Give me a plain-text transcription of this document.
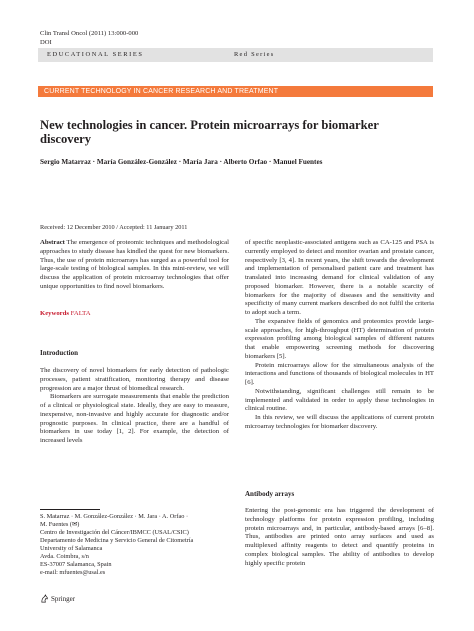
Clin Transl Oncol (2011) 13:000-000
DOI
EDUCATIONAL SERIES	Red Series
CURRENT TECHNOLOGY IN CANCER RESEARCH AND TREATMENT
New technologies in cancer. Protein microarrays for biomarker
discovery
Sergio Matarraz · María González-González · María Jara · Alberto Orfao · Manuel Fuentes
Received: 12 December 2010 / Accepted: 11 January 2011

Abstract The emergence of proteomic techniques and methodological approaches to study disease has kindled the quest for new biomarkers. Thus, the use of protein microarrays has surged as a powerful tool for large-scale testing of biological samples. In this mini-review, we will discuss the application of protein microarray technologies that offer unique opportunities to find novel biomarkers.

Keywords FALTA

Introduction

The discovery of novel biomarkers for early detection of pathologic processes, patient stratification, monitoring therapy and disease progression are a major thrust of biomedical research.

Biomarkers are surrogate measurements that enable the prediction of a clinical or physiological state. Ideally, they are easy to measure, inexpensive, non-invasive and highly accurate for diagnostic and/or prognostic purposes. In clinical practice, there are a handful of biomarkers in use today [1, 2]. For example, the detection of increased levels

of specific neoplastic-associated antigens such as CA-125 and PSA is currently employed to detect and monitor ovarian and prostate cancer, respectively [3, 4]. In recent years, the shift towards the development and implementation of personalised patient care and treatment has translated into increasing demand for clinical validation of any proposed biomarker. However, there is a notable scarcity of biomarkers for the majority of diseases and the sensitivity and specificity of many current markers described do not fulfil the criteria to adopt such a term.

The expansive fields of genomics and proteomics provide large-scale approaches, for high-throughput (HT) determination of protein expression profiling among biological samples of different natures that enable empowering screening methods for discovering biomarkers [5].

Protein microarrays allow for the simultaneous analysis of the interactions and functions of thousands of biological molecules in HT [6].

Notwithstanding, significant challenges still remain to be implemented and validated in order to apply these technologies in clinical routine.

In this review, we will discuss the applications of current protein microarray technologies for biomarker discovery.

Antibody arrays

Entering the post-genomic era has triggered the development of technology platforms for protein expression profiling, including protein microarrays and, in particular, antibody-based arrays [6–8]. Thus, antibodies are printed onto array surfaces and used as multiplexed affinity reagents to detect and quantify proteins in complex biological samples. The ability of antibodies to develop highly specific protein

S. Matarraz · M. González-González · M. Jara · A. Orfao ·
M. Fuentes (✉)
Centro de Investigación del Cáncer/IBMCC (USAL/CSIC)
Departamento de Medicina y Servicio General de Citometría
University of Salamanca
Avda. Coimbra, s/n
ES-37007 Salamanca, Spain
e-mail: mfuentes@usal.es
Springer
